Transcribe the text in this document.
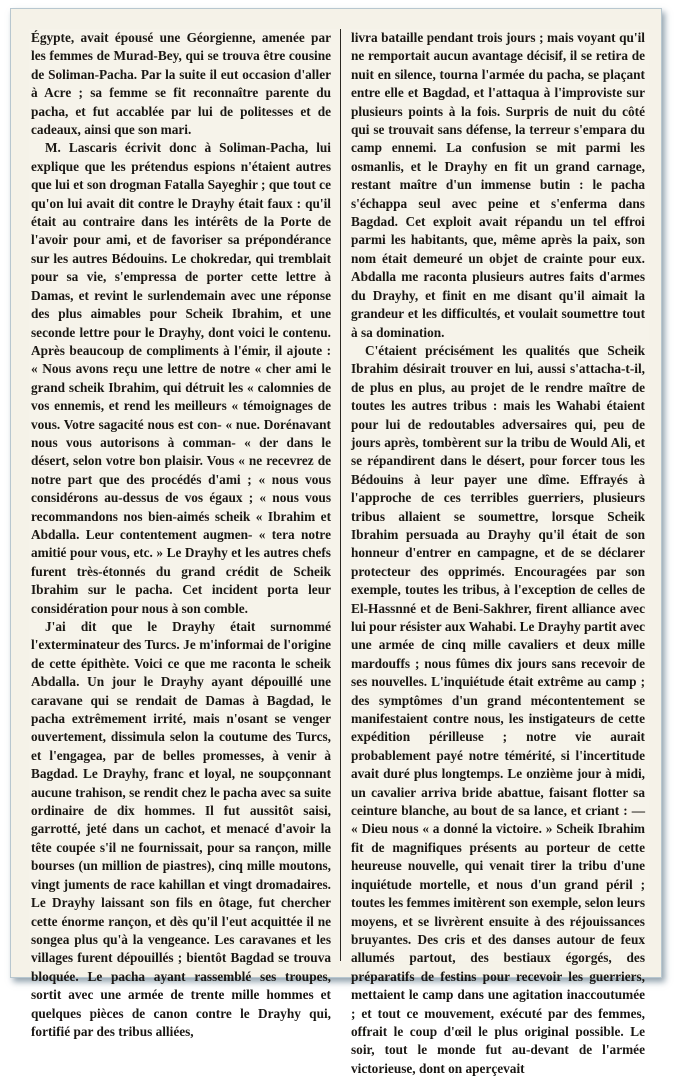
Égypte, avait épousé une Géorgienne, amenée par les femmes de Murad-Bey, qui se trouva être cousine de Soliman-Pacha. Par la suite il eut occasion d'aller à Acre ; sa femme se fit reconnaître parente du pacha, et fut accablée par lui de politesses et de cadeaux, ainsi que son mari.

M. Lascaris écrivit donc à Soliman-Pacha, lui explique que les prétendus espions n'étaient autres que lui et son drogman Fatalla Sayeghir ; que tout ce qu'on lui avait dit contre le Drayhy était faux : qu'il était au contraire dans les intérêts de la Porte de l'avoir pour ami, et de favoriser sa prépondérance sur les autres Bédouins. Le chokredar, qui tremblait pour sa vie, s'empressa de porter cette lettre à Damas, et revint le surlendemain avec une réponse des plus aimables pour Scheik Ibrahim, et une seconde lettre pour le Drayhy, dont voici le contenu. Après beaucoup de compliments à l'émir, il ajoute : « Nous avons reçu une lettre de notre « cher ami le grand scheik Ibrahim, qui détruit les « calomnies de vos ennemis, et rend les meilleurs « témoignages de vous. Votre sagacité nous est con- « nue. Dorénavant nous vous autorisons à comman- « der dans le désert, selon votre bon plaisir. Vous « ne recevrez de notre part que des procédés d'ami ; « nous vous considérons au-dessus de vos égaux ; « nous vous recommandons nos bien-aimés scheik « Ibrahim et Abdalla. Leur contentement augmen- « tera notre amitié pour vous, etc. » Le Drayhy et les autres chefs furent très-étonnés du grand crédit de Scheik Ibrahim sur le pacha. Cet incident porta leur considération pour nous à son comble.

J'ai dit que le Drayhy était surnommé l'exterminateur des Turcs. Je m'informai de l'origine de cette épithète. Voici ce que me raconta le scheik Abdalla. Un jour le Drayhy ayant dépouillé une caravane qui se rendait de Damas à Bagdad, le pacha extrêmement irrité, mais n'osant se venger ouvertement, dissimula selon la coutume des Turcs, et l'engagea, par de belles promesses, à venir à Bagdad. Le Drayhy, franc et loyal, ne soupçonnant aucune trahison, se rendit chez le pacha avec sa suite ordinaire de dix hommes. Il fut aussitôt saisi, garrotté, jeté dans un cachot, et menacé d'avoir la tête coupée s'il ne fournissait, pour sa rançon, mille bourses (un million de piastres), cinq mille moutons, vingt juments de race kahillan et vingt dromadaires. Le Drayhy laissant son fils en ôtage, fut chercher cette énorme rançon, et dès qu'il l'eut acquittée il ne songea plus qu'à la vengeance. Les caravanes et les villages furent dépouillés ; bientôt Bagdad se trouva bloquée. Le pacha ayant rassemblé ses troupes, sortit avec une armée de trente mille hommes et quelques pièces de canon contre le Drayhy qui, fortifié par des tribus alliées,

livra bataille pendant trois jours ; mais voyant qu'il ne remportait aucun avantage décisif, il se retira de nuit en silence, tourna l'armée du pacha, se plaçant entre elle et Bagdad, et l'attaqua à l'improviste sur plusieurs points à la fois. Surpris de nuit du côté qui se trouvait sans défense, la terreur s'empara du camp ennemi. La confusion se mit parmi les osmanlis, et le Drayhy en fit un grand carnage, restant maître d'un immense butin : le pacha s'échappa seul avec peine et s'enferma dans Bagdad. Cet exploit avait répandu un tel effroi parmi les habitants, que, même après la paix, son nom était demeuré un objet de crainte pour eux. Abdalla me raconta plusieurs autres faits d'armes du Drayhy, et finit en me disant qu'il aimait la grandeur et les difficultés, et voulait soumettre tout à sa domination.

C'étaient précisément les qualités que Scheik Ibrahim désirait trouver en lui, aussi s'attacha-t-il, de plus en plus, au projet de le rendre maître de toutes les autres tribus : mais les Wahabi étaient pour lui de redoutables adversaires qui, peu de jours après, tombèrent sur la tribu de Would Ali, et se répandirent dans le désert, pour forcer tous les Bédouins à leur payer une dîme. Effrayés à l'approche de ces terribles guerriers, plusieurs tribus allaient se soumettre, lorsque Scheik Ibrahim persuada au Drayhy qu'il était de son honneur d'entrer en campagne, et de se déclarer protecteur des opprimés. Encouragées par son exemple, toutes les tribus, à l'exception de celles de El-Hassnné et de Beni-Sakhrer, firent alliance avec lui pour résister aux Wahabi. Le Drayhy partit avec une armée de cinq mille cavaliers et deux mille mardouffs ; nous fûmes dix jours sans recevoir de ses nouvelles. L'inquiétude était extrême au camp ; des symptômes d'un grand mécontentement se manifestaient contre nous, les instigateurs de cette expédition périlleuse ; notre vie aurait probablement payé notre témérité, si l'incertitude avait duré plus longtemps. Le onzième jour à midi, un cavalier arriva bride abattue, faisant flotter sa ceinture blanche, au bout de sa lance, et criant : — « Dieu nous « a donné la victoire. » Scheik Ibrahim fit de magnifiques présents au porteur de cette heureuse nouvelle, qui venait tirer la tribu d'une inquiétude mortelle, et nous d'un grand péril ; toutes les femmes imitèrent son exemple, selon leurs moyens, et se livrèrent ensuite à des réjouissances bruyantes. Des cris et des danses autour de feux allumés partout, des bestiaux égorgés, des préparatifs de festins pour recevoir les guerriers, mettaient le camp dans une agitation inaccoutumée ; et tout ce mouvement, exécuté par des femmes, offrait le coup d'œil le plus original possible. Le soir, tout le monde fut au-devant de l'armée victorieuse, dont on aperçevait
